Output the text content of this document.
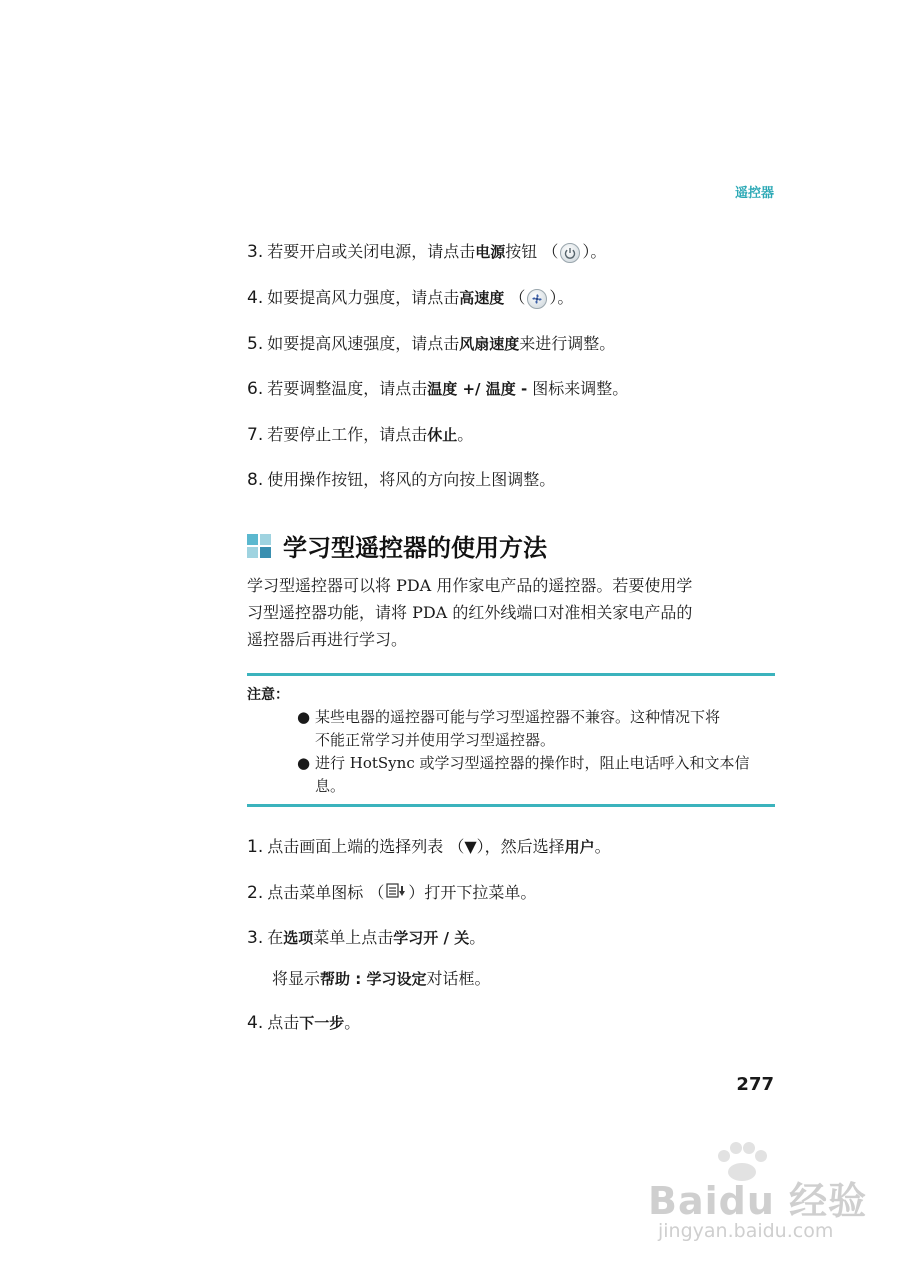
遥控器
3. 若要开启或关闭电源，请点击电源按钮 （ ）。
4. 如要提高风力强度，请点击高速度 （ ）。
5. 如要提高风速强度，请点击风扇速度来进行调整。
6. 若要调整温度，请点击温度 +/ 温度 - 图标来调整。
7. 若要停止工作，请点击休止。
8. 使用操作按钮，将风的方向按上图调整。
学习型遥控器的使用方法
学习型遥控器可以将 PDA 用作家电产品的遥控器。若要使用学
习型遥控器功能，请将 PDA 的红外线端口对准相关家电产品的
遥控器后再进行学习。
注意：
● 某些电器的遥控器可能与学习型遥控器不兼容。这种情况下将
不能正常学习并使用学习型遥控器。
● 进行 HotSync 或学习型遥控器的操作时，阻止电话呼入和文本信
息。
1. 点击画面上端的选择列表 （▼），然后选择用户。
2. 点击菜单图标 （ ）打开下拉菜单。
3. 在选项菜单上点击学习开 / 关。
将显示帮助 : 学习设定对话框。
4. 点击下一步。
277
Baidu 经验
jingyan.baidu.com
